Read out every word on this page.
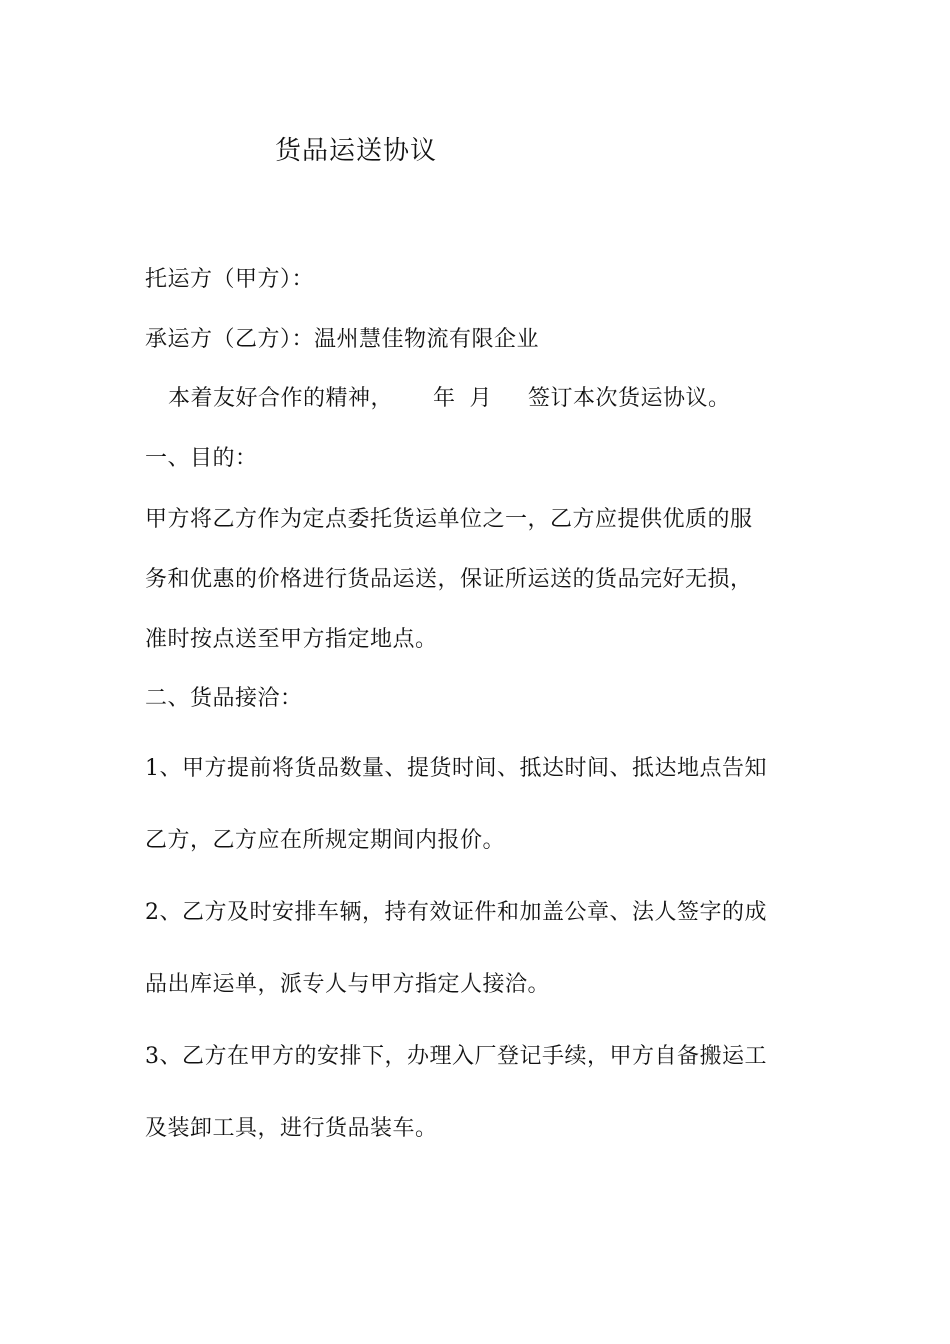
货品运送协议
托运方（甲方）：
承运方（乙方）：温州慧佳物流有限企业
本着友好合作的精神， 年 月 签订本次货运协议。
一、目的：
甲方将乙方作为定点委托货运单位之一，乙方应提供优质的服
务和优惠的价格进行货品运送，保证所运送的货品完好无损，
准时按点送至甲方指定地点。
二、货品接洽：
1、甲方提前将货品数量、提货时间、抵达时间、抵达地点告知
乙方，乙方应在所规定期间内报价。
2、乙方及时安排车辆，持有效证件和加盖公章、法人签字的成
品出库运单，派专人与甲方指定人接洽。
3、乙方在甲方的安排下，办理入厂登记手续，甲方自备搬运工
及装卸工具，进行货品装车。
